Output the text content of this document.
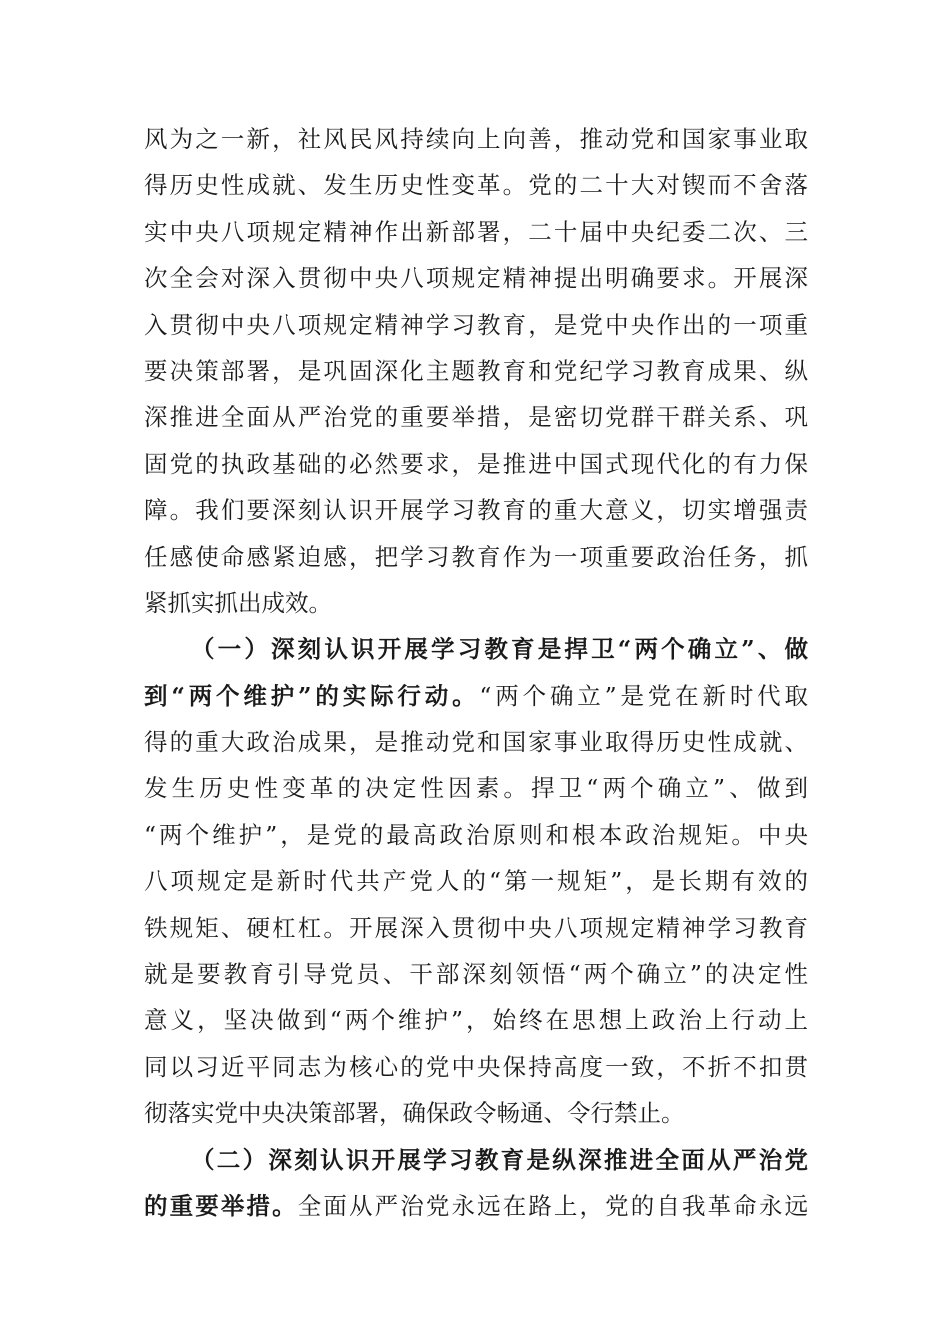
风为之一新，社风民风持续向上向善，推动党和国家事业取
得历史性成就、发生历史性变革。党的二十大对锲而不舍落
实中央八项规定精神作出新部署，二十届中央纪委二次、三
次全会对深入贯彻中央八项规定精神提出明确要求。开展深
入贯彻中央八项规定精神学习教育，是党中央作出的一项重
要决策部署，是巩固深化主题教育和党纪学习教育成果、纵
深推进全面从严治党的重要举措，是密切党群干群关系、巩
固党的执政基础的必然要求，是推进中国式现代化的有力保
障。我们要深刻认识开展学习教育的重大意义，切实增强责
任感使命感紧迫感，把学习教育作为一项重要政治任务，抓
紧抓实抓出成效。
（一）深刻认识开展学习教育是捍卫“两个确立”、做
到“两个维护”的实际行动。“两个确立”是党在新时代取
得的重大政治成果，是推动党和国家事业取得历史性成就、
发生历史性变革的决定性因素。捍卫“两个确立”、做到
“两个维护”，是党的最高政治原则和根本政治规矩。中央
八项规定是新时代共产党人的“第一规矩”，是长期有效的
铁规矩、硬杠杠。开展深入贯彻中央八项规定精神学习教育
就是要教育引导党员、干部深刻领悟“两个确立”的决定性
意义，坚决做到“两个维护”，始终在思想上政治上行动上
同以习近平同志为核心的党中央保持高度一致，不折不扣贯
彻落实党中央决策部署，确保政令畅通、令行禁止。
（二）深刻认识开展学习教育是纵深推进全面从严治党
的重要举措。全面从严治党永远在路上，党的自我革命永远
